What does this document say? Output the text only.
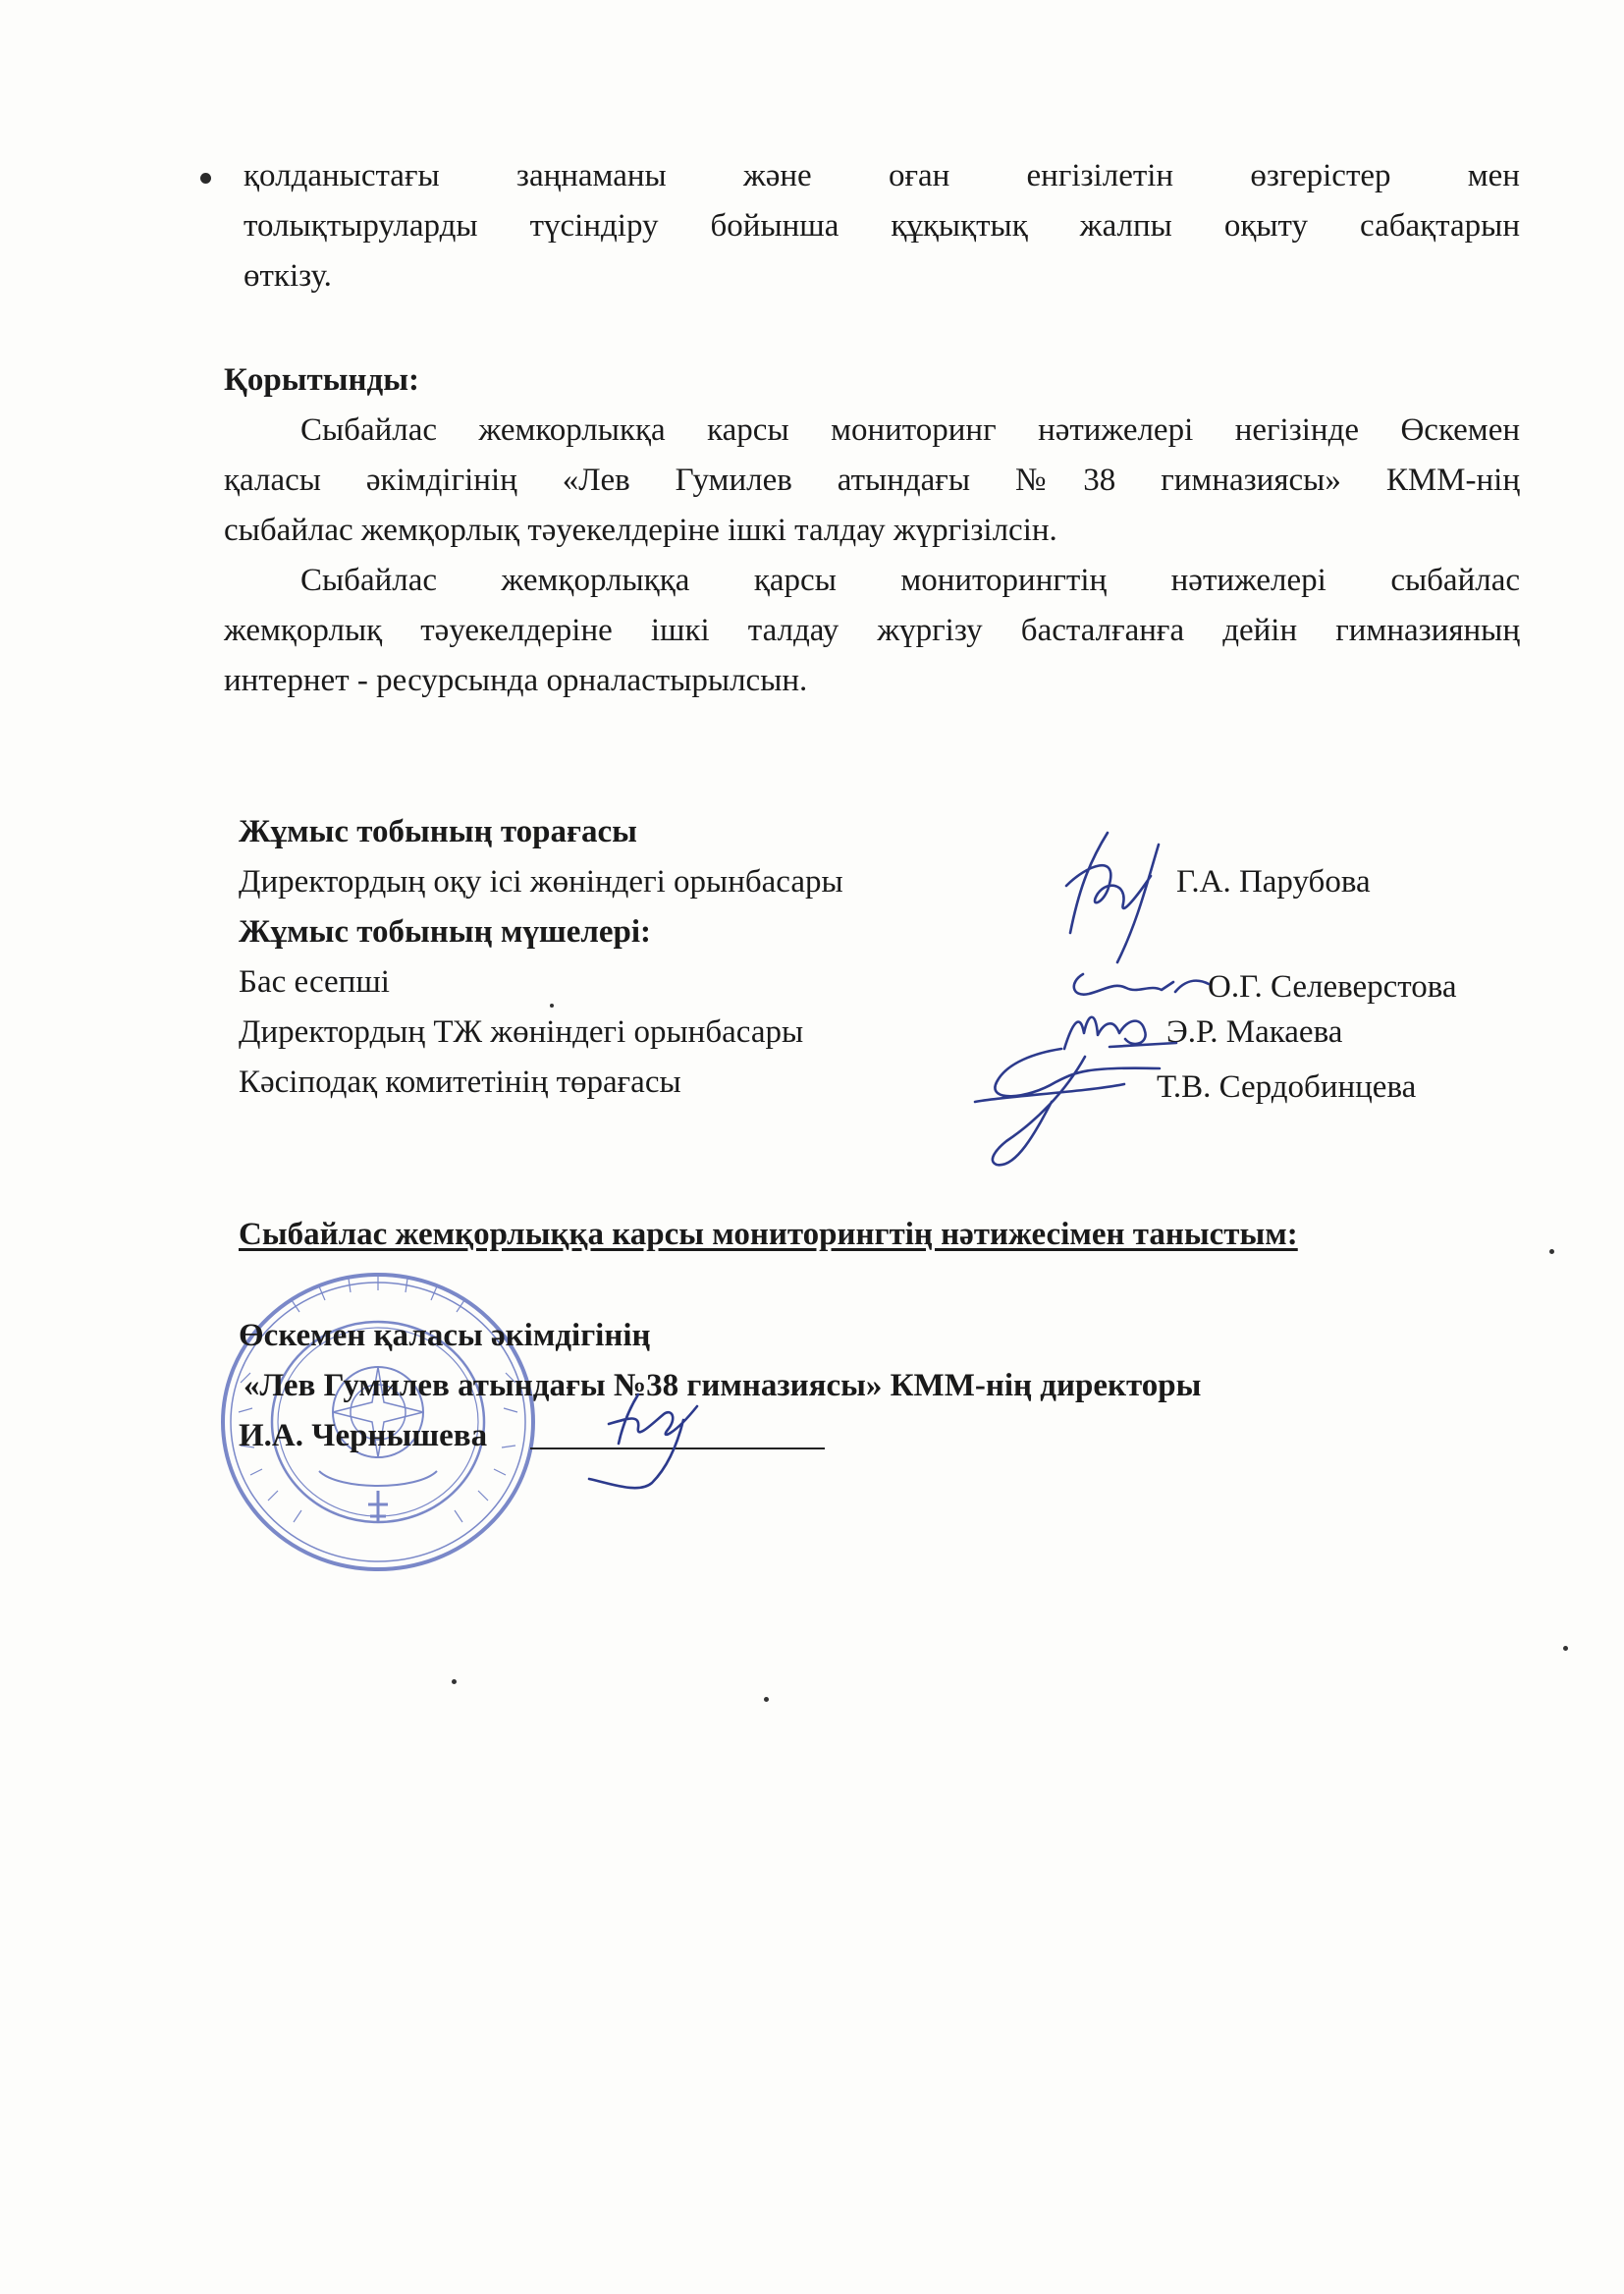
қолданыстағы заңнаманы және оған енгізілетін өзгерістер мен
толықтыруларды түсіндіру бойынша құқықтық жалпы оқыту сабақтарын
өткізу.
Қорытынды:
Сыбайлас жемкорлыкқа карсы мониторинг нәтижелері негізінде Өскемен
қаласы әкімдігінің «Лев Гумилев атындағы №38 гимназиясы» КММ-нің
сыбайлас жемқорлық тәуекелдеріне ішкі талдау жүргізілсін.
Сыбайлас жемқорлыққа қарсы мониторингтің нәтижелері сыбайлас
жемқорлық тәуекелдеріне ішкі талдау жүргізу басталғанға дейін гимназияның
интернет - ресурсында орналастырылсын.
Жұмыс тобының торағасы
Директордың оқу ісі жөніндегі орынбасары	Г.А. Парубова
Жұмыс тобының мүшелері:
Бас есепші	О.Г. Селеверстова
Директордың ТЖ жөніндегі орынбасары	Э.Р. Макаева
Кәсіподақ комитетінің төрағасы	Т.В. Сердобинцева
Сыбайлас жемқорлыққа карсы мониторингтің нәтижесімен таныстым:
Өскемен қаласы әкімдігінің
«Лев Гумилев атындағы №38 гимназиясы» КММ-нің директоры
И.А. Чернышева
